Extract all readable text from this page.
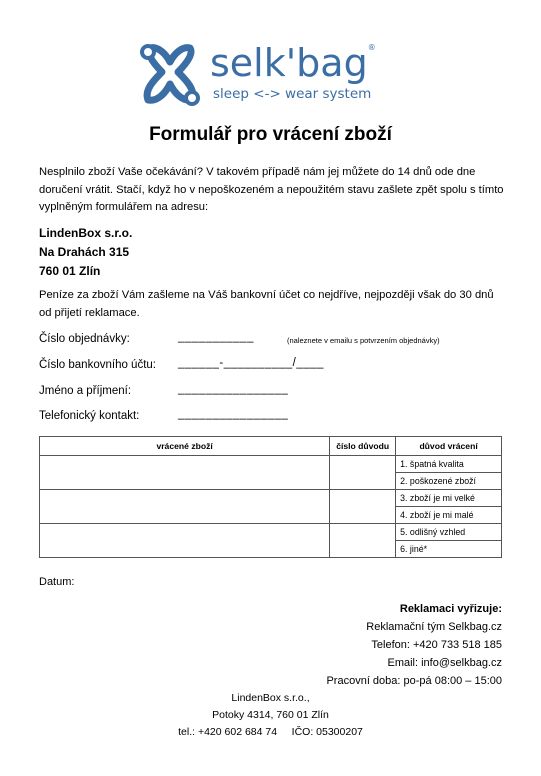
selk'bag®
sleep <-> wear system
Formulář pro vrácení zboží
Nesplnilo zboží Vaše očekávání? V takovém případě nám jej můžete do 14 dnů ode dne doručení vrátit. Stačí, když ho v nepoškozeném a nepoužitém stavu zašlete zpět spolu s tímto vyplněným formulářem na adresu:
LindenBox s.r.o.
Na Drahách 315
760 01 Zlín
Peníze za zboží Vám zašleme na Váš bankovní účet co nejdříve, nejpozději však do 30 dnů od přijetí reklamace.
Číslo objednávky:	___________	(naleznete v emailu s potvrzením objednávky)
Číslo bankovního účtu: ______-__________/____
Jméno a příjmení:	________________
Telefonický kontakt:	________________
vrácené zboží	číslo důvodu	důvod vrácení
		1. špatná kvalita
		2. poškozené zboží
		3. zboží je mi velké
		4. zboží je mi malé
		5. odlišný vzhled
		6. jiné*
Datum:
Reklamaci vyřizuje:
Reklamační tým Selkbag.cz
Telefon: +420 733 518 185
Email: info@selkbag.cz
Pracovní doba: po-pá 08:00 – 15:00
LindenBox s.r.o.,
Potoky 4314, 760 01 Zlín
tel.: +420 602 684 74     IČO: 05300207
